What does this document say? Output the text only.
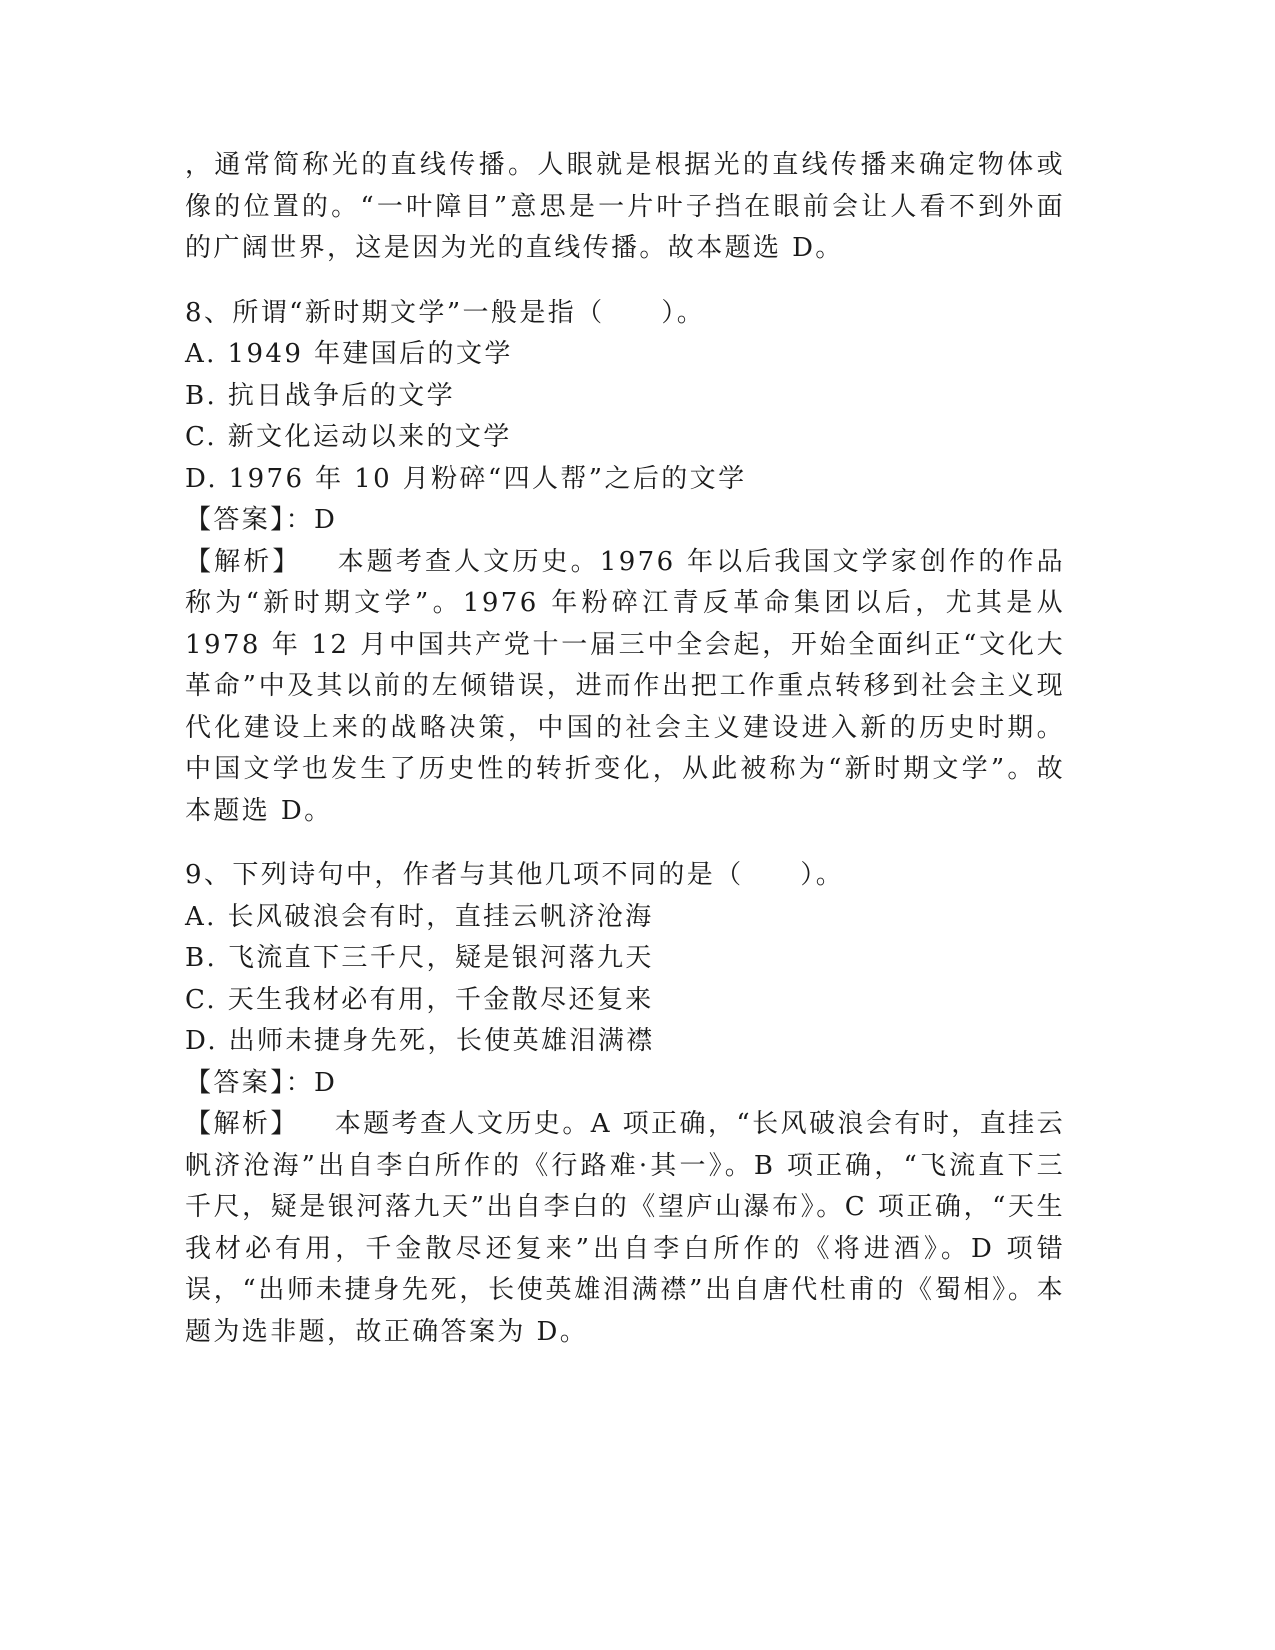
，通常简称光的直线传播。人眼就是根据光的直线传播来确定物体或像的位置的。“一叶障目”意思是一片叶子挡在眼前会让人看不到外面的广阔世界，这是因为光的直线传播。故本题选 D。

8、所谓“新时期文学”一般是指（　　）。

A. 1949 年建国后的文学

B. 抗日战争后的文学

C. 新文化运动以来的文学

D. 1976 年 10 月粉碎“四人帮”之后的文学

【答案】：D

【解析】 本题考查人文历史。1976 年以后我国文学家创作的作品称为“新时期文学”。1976 年粉碎江青反革命集团以后，尤其是从 1978 年 12 月中国共产党十一届三中全会起，开始全面纠正“文化大革命”中及其以前的左倾错误，进而作出把工作重点转移到社会主义现代化建设上来的战略决策，中国的社会主义建设进入新的历史时期。中国文学也发生了历史性的转折变化，从此被称为“新时期文学”。故本题选 D。

9、下列诗句中，作者与其他几项不同的是（　　）。

A. 长风破浪会有时，直挂云帆济沧海

B. 飞流直下三千尺，疑是银河落九天

C. 天生我材必有用，千金散尽还复来

D. 出师未捷身先死，长使英雄泪满襟

【答案】：D

【解析】 本题考查人文历史。A 项正确，“长风破浪会有时，直挂云帆济沧海”出自李白所作的《行路难·其一》。B 项正确，“飞流直下三千尺，疑是银河落九天”出自李白的《望庐山瀑布》。C 项正确，“天生我材必有用，千金散尽还复来”出自李白所作的《将进酒》。D 项错误，“出师未捷身先死，长使英雄泪满襟”出自唐代杜甫的《蜀相》。本题为选非题，故正确答案为 D。
